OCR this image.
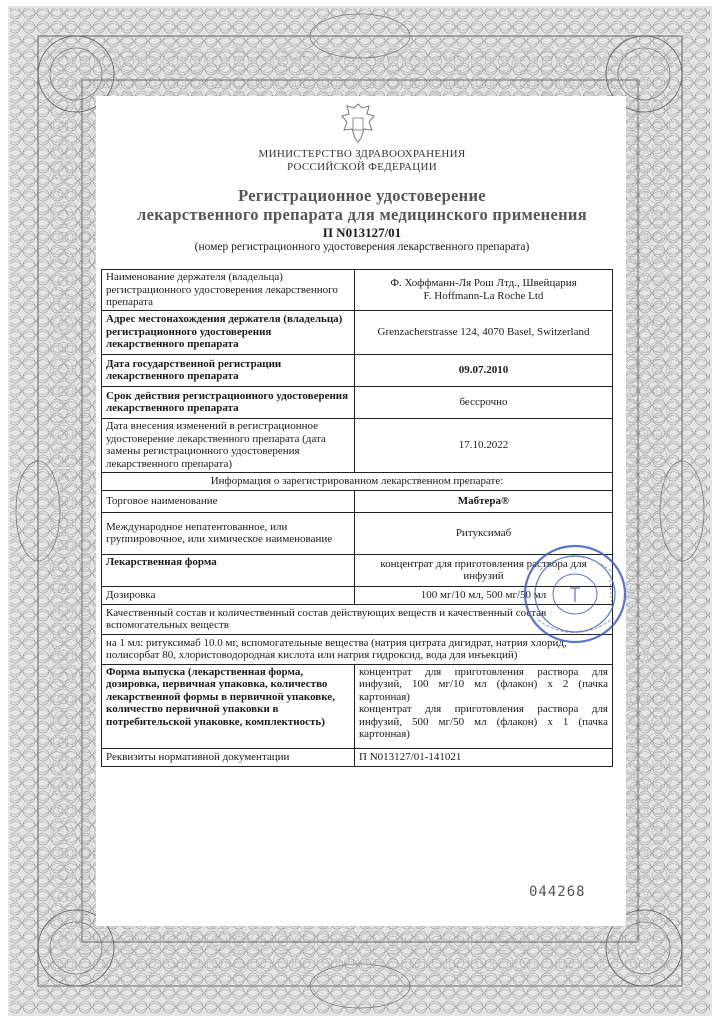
МИНИСТЕРСТВО ЗДРАВООХРАНЕНИЯ
РОССИЙСКОЙ ФЕДЕРАЦИИ
Регистрационное удостоверение
лекарственного препарата для медицинского применения
П N013127/01
(номер регистрационного удостоверения лекарственного препарата)
Наименование держателя (владельца) регистрационного удостоверения лекарственного препарата	Ф. Хоффманн-Ля Рош Лтд., Швейцария
F. Hoffmann-La Roche Ltd

Адрес местонахождения держателя (владельца) регистрационного удостоверения лекарственного препарата	Grenzacherstrasse 124, 4070 Basel, Switzerland
Дата государственной регистрации лекарственного препарата	09.07.2010
Срок действия регистрационного удостоверения лекарственного препарата	бессрочно
Дата внесения изменений в регистрационное удостоверение лекарственного препарата (дата замены регистрационного удостоверения лекарственного препарата)	17.10.2022
Информация о зарегистрированном лекарственном препарате:	
Торговое наименование	Мабтера®
Международное непатентованное, или группировочное, или химическое наименование	Ритуксимаб
Лекарственная форма	концентрат для приготовления раствора для инфузий
Дозировка	100 мг/10 мл, 500 мг/50 мл
Качественный состав и количественный состав действующих веществ и качественный состав вспомогательных веществ	
на 1 мл: ритуксимаб 10.0 мг, вспомогательные вещества (натрия цитрата дигидрат, натрия хлорид, полисорбат 80, хлористоводородная кислота или натрия гидроксид, вода для инъекций)	
Форма выпуска (лекарственная форма, дозировка, первичная упаковка, количество лекарственной формы в первичной упаковке, количество первичной упаковки в потребительской упаковке, комплектность)	концентрат для приготовления раствора для инфузий, 100 мг/10 мл (флакон) х 2 (пачка картонная)
концентрат для приготовления раствора для инфузий, 500 мг/50 мл (флакон) х 1 (пачка картонная)

Реквизиты нормативной документации	П N013127/01-141021
044268
